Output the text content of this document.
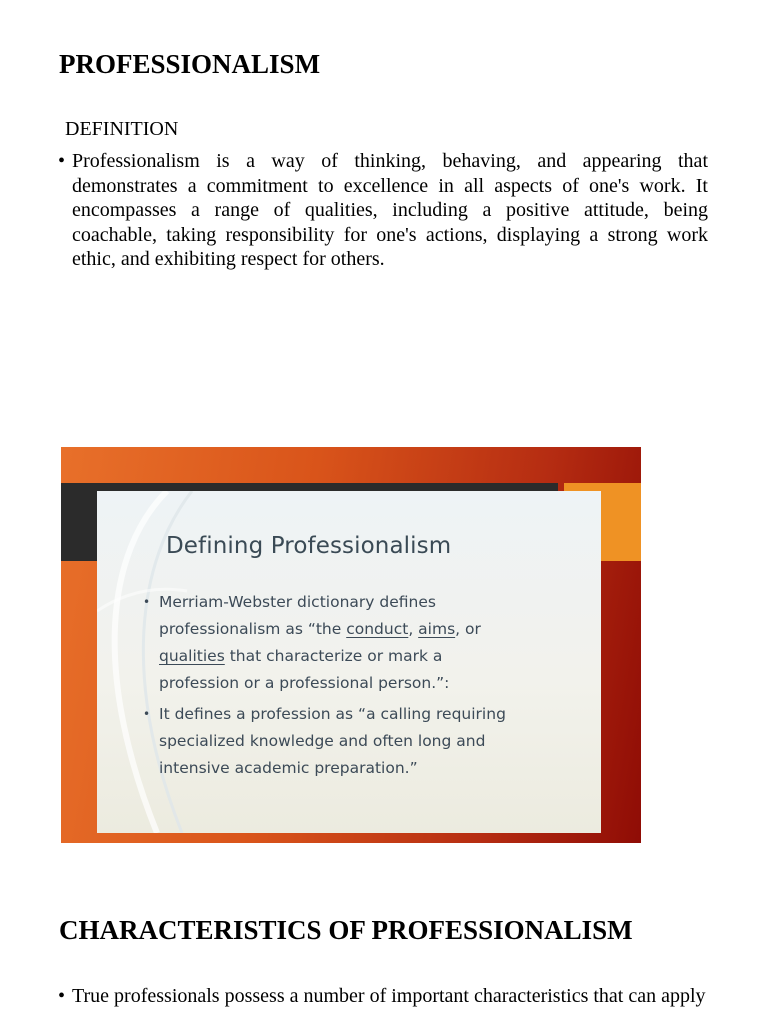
PROFESSIONALISM
DEFINITION
• Professionalism is a way of thinking, behaving, and appearing that demonstrates a commitment to excellence in all aspects of one's work. It encompasses a range of qualities, including a positive attitude, being coachable, taking responsibility for one's actions, displaying a strong work ethic, and exhibiting respect for others.
Defining Professionalism
• Merriam-Webster dictionary defines
professionalism as “the conduct, aims, or
qualities that characterize or mark a
profession or a professional person.”:
• It defines a profession as “a calling requiring
specialized knowledge and often long and
intensive academic preparation.”
CHARACTERISTICS OF PROFESSIONALISM
• True professionals possess a number of important characteristics that can apply
